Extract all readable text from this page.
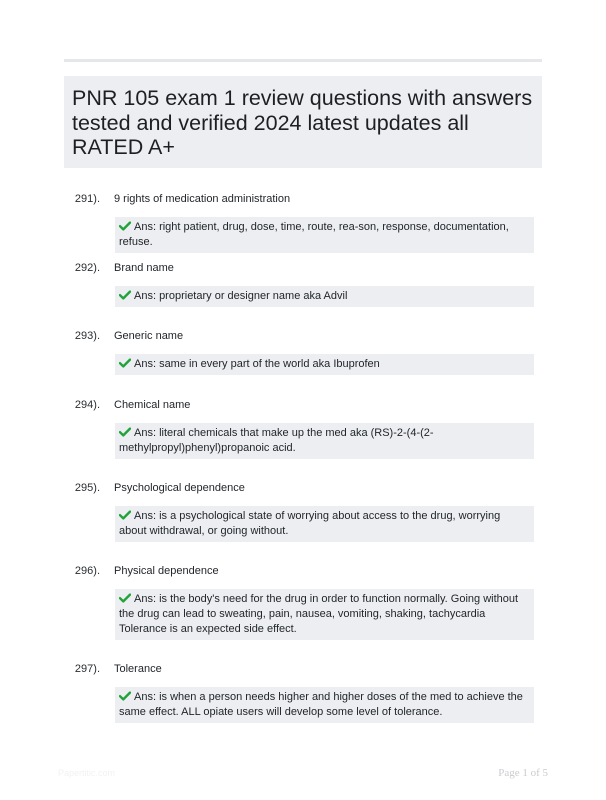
PNR 105 exam 1 review questions with answers tested and verified 2024 latest updates all RATED A+
291). 9 rights of medication administration
Ans: right patient, drug, dose, time, route, rea-son, response, documentation, refuse.
292). Brand name
Ans: proprietary or designer name aka Advil
293). Generic name
Ans: same in every part of the world aka Ibuprofen
294). Chemical name
Ans: literal chemicals that make up the med aka (RS)-2-(4-(2-methylpropyl)phenyl)propanoic acid.
295). Psychological dependence
Ans: is a psychological state of worrying about access to the drug, worrying about withdrawal, or going without.
296). Physical dependence
Ans: is the body's need for the drug in order to function normally. Going without the drug can lead to sweating, pain, nausea, vomiting, shaking, tachycardia Tolerance is an expected side effect.
297). Tolerance
Ans: is when a person needs higher and higher doses of the med to achieve the same effect. ALL opiate users will develop some level of tolerance.
Papertitic.com	Page 1 of 5
